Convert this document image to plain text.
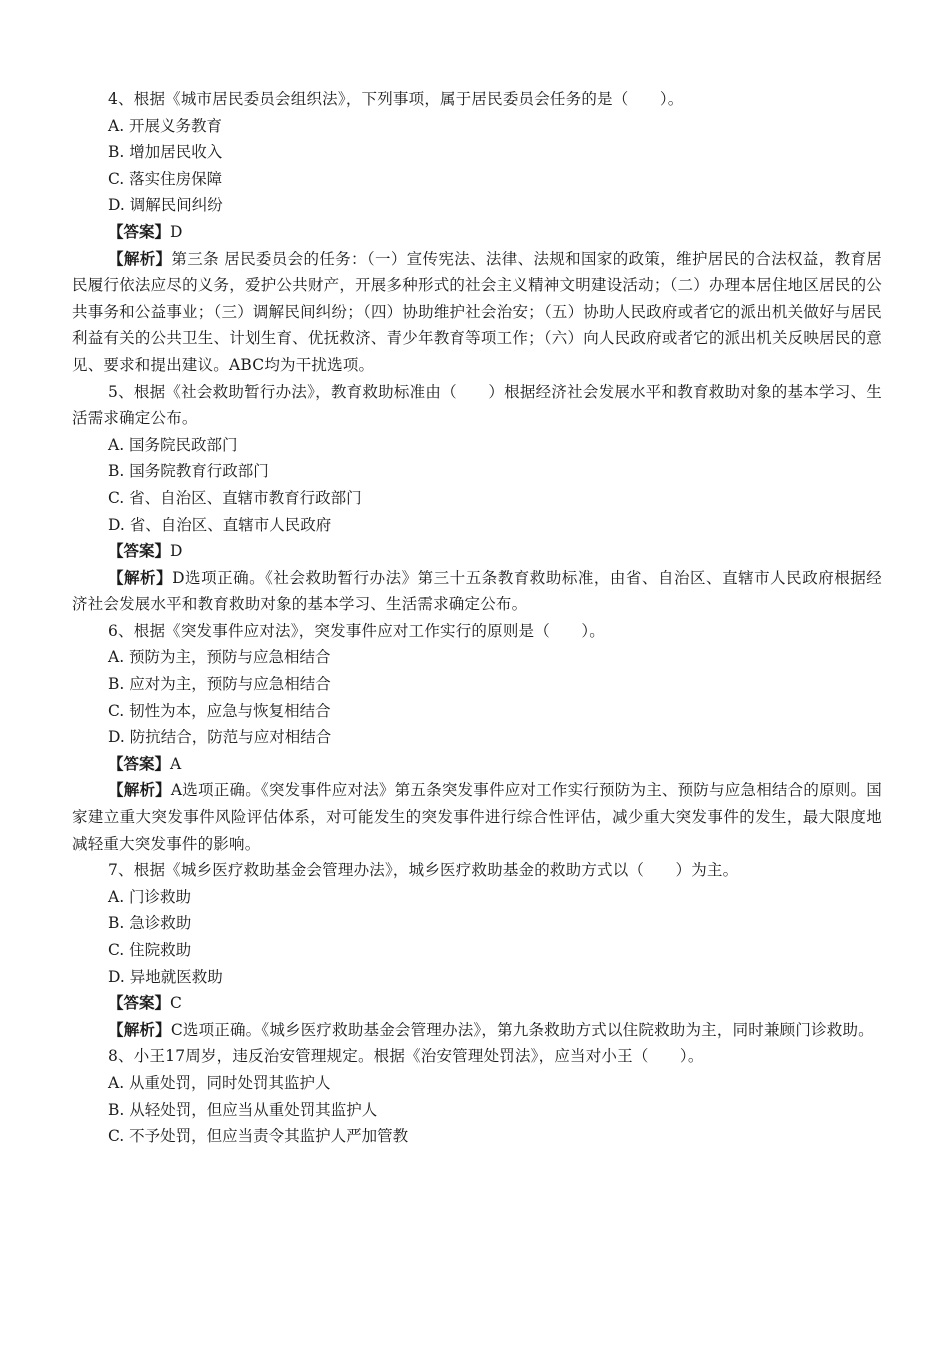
4、根据《城市居民委员会组织法》，下列事项，属于居民委员会任务的是（　　）。
A. 开展义务教育
B. 增加居民收入
C. 落实住房保障
D. 调解民间纠纷
【答案】D
【解析】第三条 居民委员会的任务：（一）宣传宪法、法律、法规和国家的政策，维护居民的合法权益，教育居民履行依法应尽的义务，爱护公共财产，开展多种形式的社会主义精神文明建设活动；（二）办理本居住地区居民的公共事务和公益事业；（三）调解民间纠纷；（四）协助维护社会治安；（五）协助人民政府或者它的派出机关做好与居民利益有关的公共卫生、计划生育、优抚救济、青少年教育等项工作；（六）向人民政府或者它的派出机关反映居民的意见、要求和提出建议。ABC均为干扰选项。
5、根据《社会救助暂行办法》，教育救助标准由（　　）根据经济社会发展水平和教育救助对象的基本学习、生活需求确定公布。
A. 国务院民政部门
B. 国务院教育行政部门
C. 省、自治区、直辖市教育行政部门
D. 省、自治区、直辖市人民政府
【答案】D
【解析】D选项正确。《社会救助暂行办法》第三十五条教育救助标准，由省、自治区、直辖市人民政府根据经济社会发展水平和教育救助对象的基本学习、生活需求确定公布。
6、根据《突发事件应对法》，突发事件应对工作实行的原则是（　　）。
A. 预防为主，预防与应急相结合
B. 应对为主，预防与应急相结合
C. 韧性为本，应急与恢复相结合
D. 防抗结合，防范与应对相结合
【答案】A
【解析】A选项正确。《突发事件应对法》第五条突发事件应对工作实行预防为主、预防与应急相结合的原则。国家建立重大突发事件风险评估体系，对可能发生的突发事件进行综合性评估，减少重大突发事件的发生，最大限度地减轻重大突发事件的影响。
7、根据《城乡医疗救助基金会管理办法》，城乡医疗救助基金的救助方式以（　　）为主。
A. 门诊救助
B. 急诊救助
C. 住院救助
D. 异地就医救助
【答案】C
【解析】C选项正确。《城乡医疗救助基金会管理办法》，第九条救助方式以住院救助为主，同时兼顾门诊救助。
8、小王17周岁，违反治安管理规定。根据《治安管理处罚法》，应当对小王（　　）。
A. 从重处罚，同时处罚其监护人
B. 从轻处罚，但应当从重处罚其监护人
C. 不予处罚，但应当责令其监护人严加管教
